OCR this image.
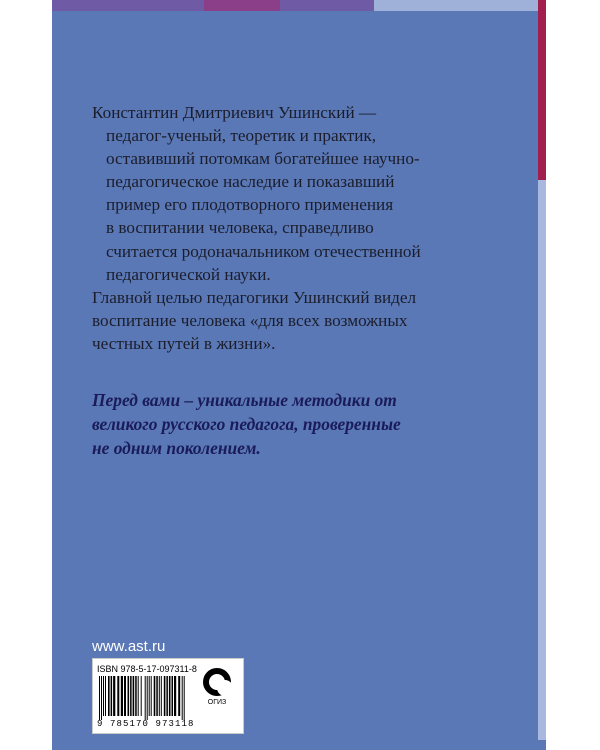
Константин Дмитриевич Ушинский —
педагог-ученый, теоретик и практик,
оставивший потомкам богатейшее научно-
педагогическое наследие и показавший
пример его плодотворного применения
в воспитании человека, справедливо
считается родоначальником отечественной
педагогической науки.
Главной целью педагогики Ушинский видел
воспитание человека «для всех возможных
честных путей в жизни».
Перед вами – уникальные методики от
великого русского педагога, проверенные
не одним поколением.
www.ast.ru
ISBN 978-5-17-097311-8
9 785170 973118
ОГИЗ
